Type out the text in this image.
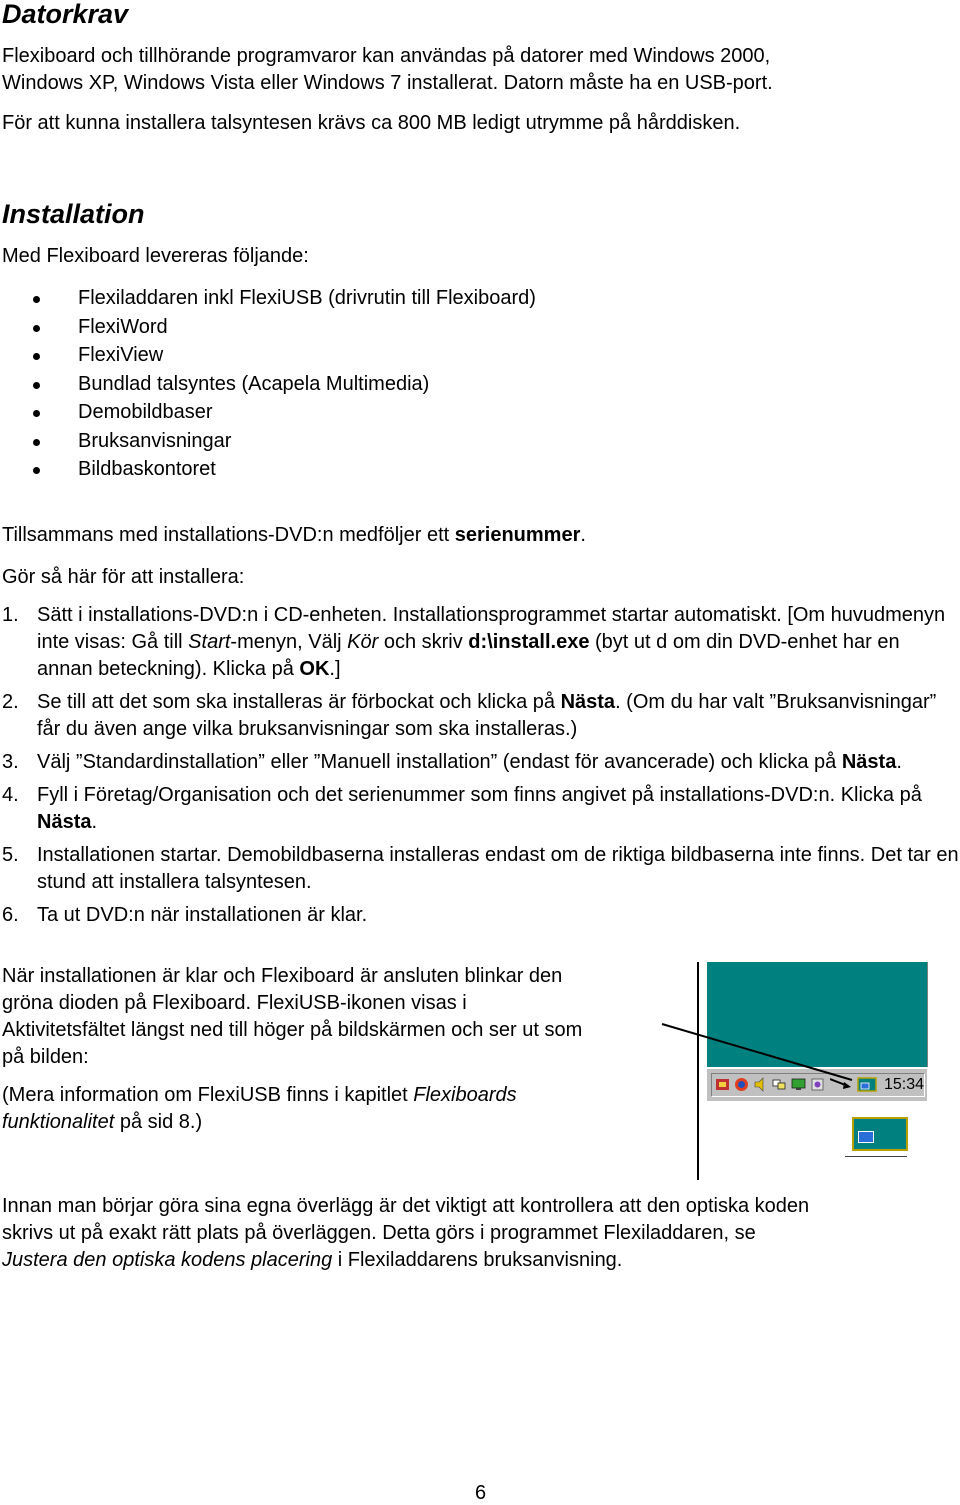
Datorkrav

Flexiboard och tillhörande programvaror kan användas på datorer med Windows 2000,

Windows XP, Windows Vista eller Windows 7 installerat. Datorn måste ha en USB-port.

För att kunna installera talsyntesen krävs ca 800 MB ledigt utrymme på hårddisken.

Installation

Med Flexiboard levereras följande:

Flexiladdaren inkl FlexiUSB (drivrutin till Flexiboard)
FlexiWord
FlexiView
Bundlad talsyntes (Acapela Multimedia)
Demobildbaser
Bruksanvisningar
Bildbaskontoret

Tillsammans med installations-DVD:n medföljer ett serienummer.

Gör så här för att installera:

1. Sätt i installations-DVD:n i CD-enheten. Installationsprogrammet startar automatiskt. [Om huvudmenyn inte visas: Gå till Start-menyn, Välj Kör och skriv d:\install.exe (byt ut d om din DVD-enhet har en annan beteckning). Klicka på OK.]
2. Se till att det som ska installeras är förbockat och klicka på Nästa. (Om du har valt ”Bruksanvisningar” får du även ange vilka bruksanvisningar som ska installeras.)
3. Välj ”Standardinstallation” eller ”Manuell installation” (endast för avancerade) och klicka på Nästa.
4. Fyll i Företag/Organisation och det serienummer som finns angivet på installations-DVD:n. Klicka på Nästa.
5. Installationen startar. Demobildbaserna installeras endast om de riktiga bildbaserna inte finns. Det tar en stund att installera talsyntesen.
6. Ta ut DVD:n när installationen är klar.

När installationen är klar och Flexiboard är ansluten blinkar den

gröna dioden på Flexiboard. FlexiUSB-ikonen visas i

Aktivitetsfältet längst ned till höger på bildskärmen och ser ut som

på bilden:

(Mera information om FlexiUSB finns i kapitlet Flexiboards

funktionalitet på sid 8.)

15:34

Innan man börjar göra sina egna överlägg är det viktigt att kontrollera att den optiska koden

skrivs ut på exakt rätt plats på överläggen. Detta görs i programmet Flexiladdaren, se

Justera den optiska kodens placering i Flexiladdarens bruksanvisning.

6
